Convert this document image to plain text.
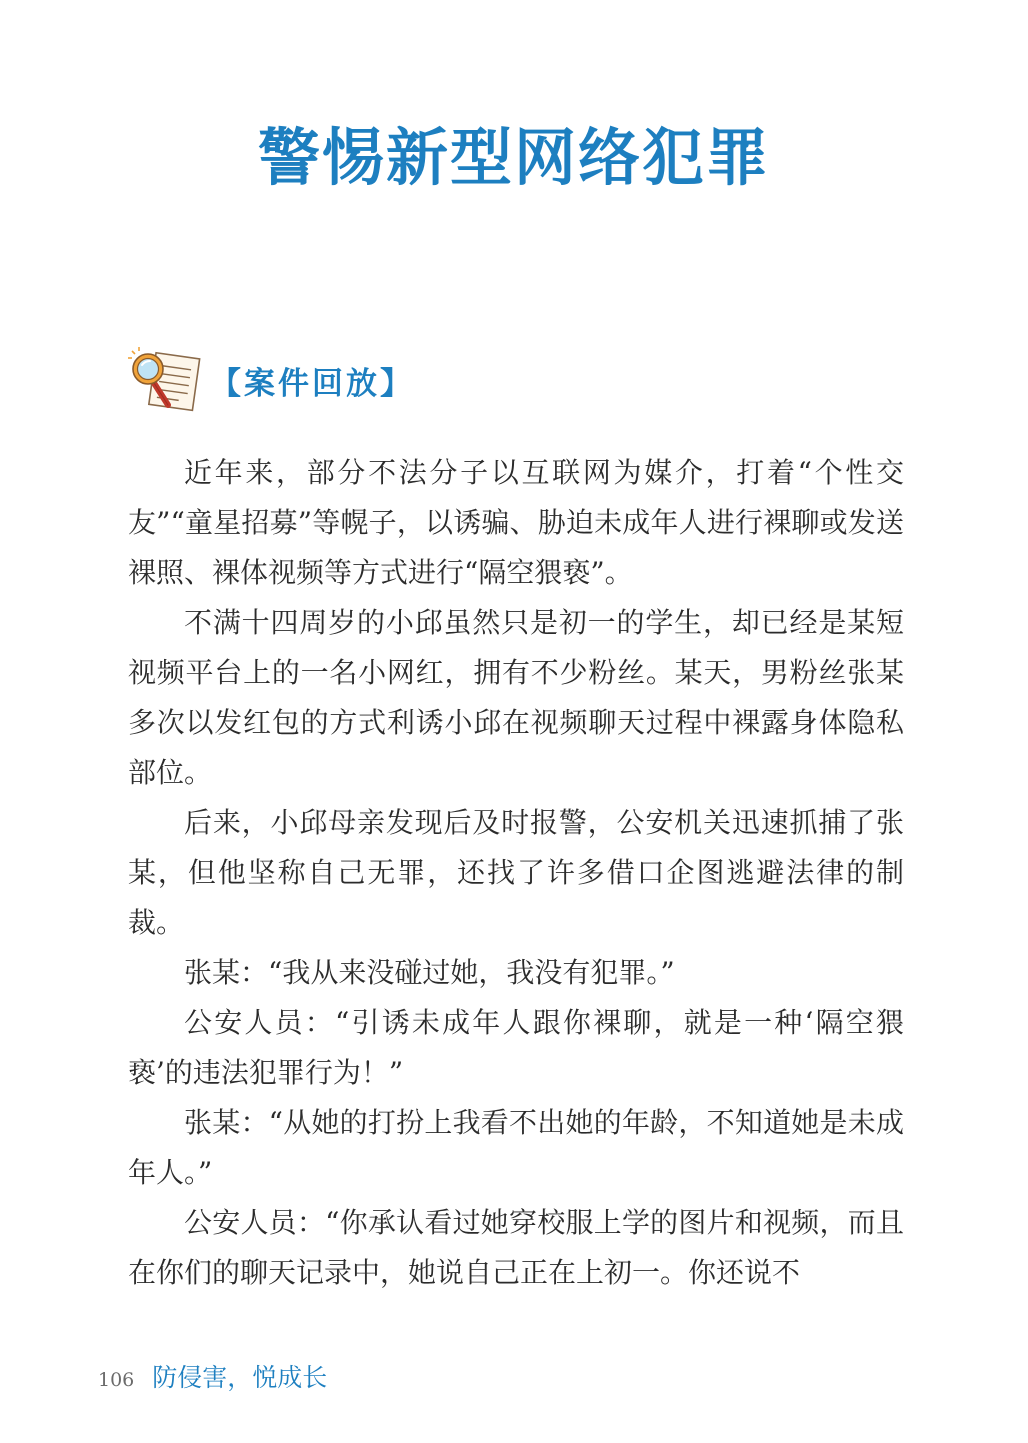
警惕新型网络犯罪
【案件回放】

近年来，部分不法分子以互联网为媒介，打着“个性交友”“童星招募”等幌子，以诱骗、胁迫未成年人进行裸聊或发送裸照、裸体视频等方式进行“隔空猥亵”。

不满十四周岁的小邱虽然只是初一的学生，却已经是某短视频平台上的一名小网红，拥有不少粉丝。某天，男粉丝张某多次以发红包的方式利诱小邱在视频聊天过程中裸露身体隐私部位。

后来，小邱母亲发现后及时报警，公安机关迅速抓捕了张某，但他坚称自己无罪，还找了许多借口企图逃避法律的制裁。

张某：“我从来没碰过她，我没有犯罪。”

公安人员：“引诱未成年人跟你裸聊，就是一种‘隔空猥亵’的违法犯罪行为！”

张某：“从她的打扮上我看不出她的年龄，不知道她是未成年人。”

公安人员：“你承认看过她穿校服上学的图片和视频，而且在你们的聊天记录中，她说自己正在上初一。你还说不

106 防侵害，悦成长
